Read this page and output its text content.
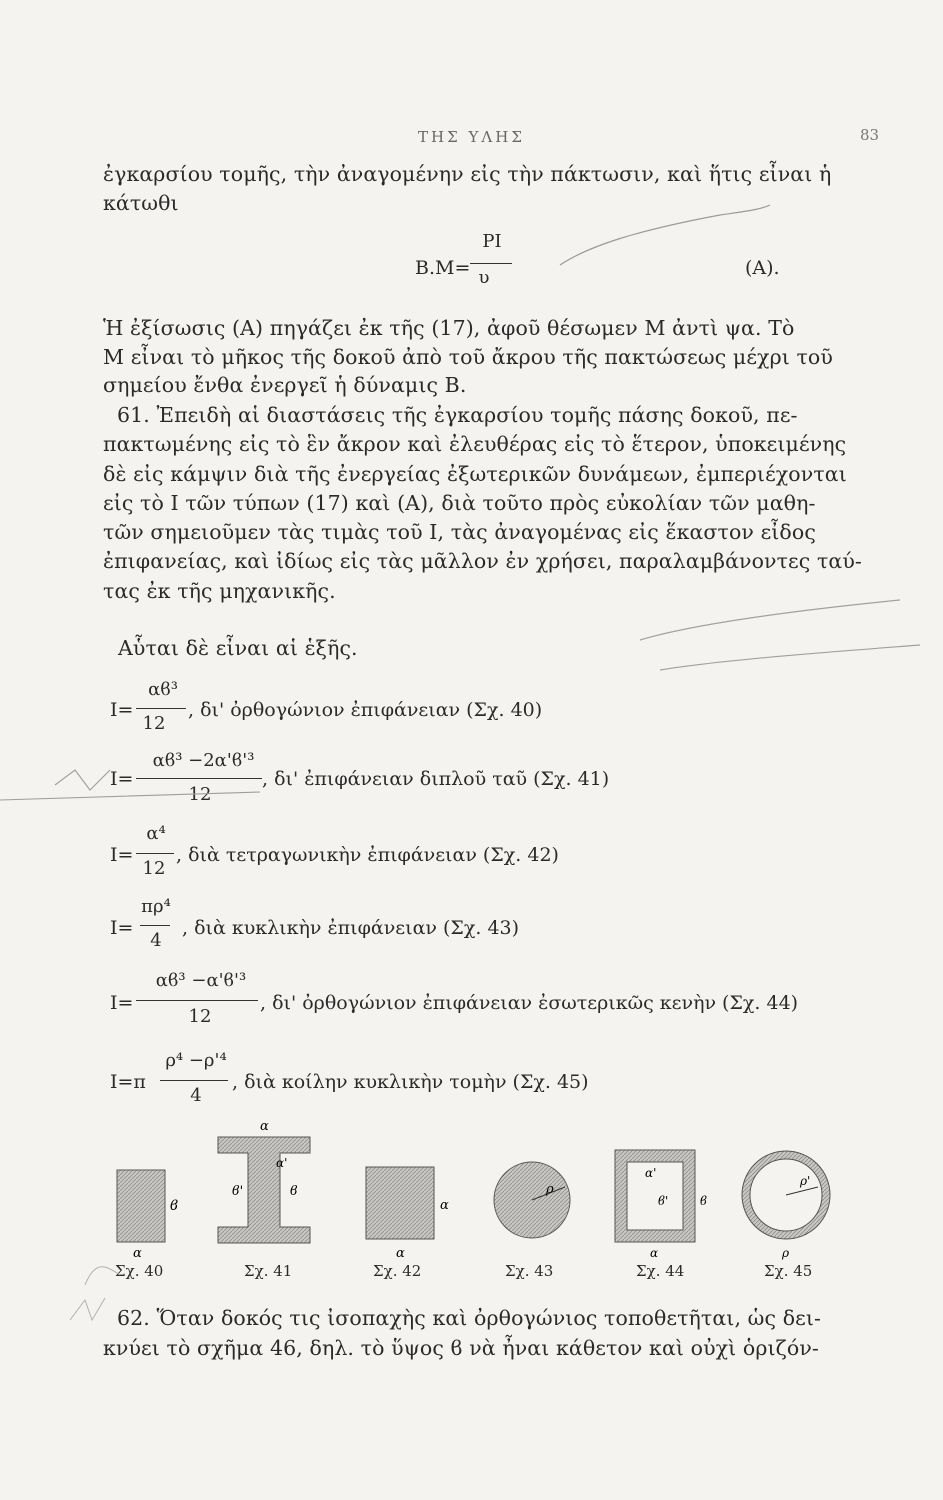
ΤΗΣ ΥΛΗΣ	83
ἐγκαρσίου τομῆς, τὴν ἀναγομένην εἰς τὴν πάκτωσιν, καὶ ἥτις εἶναι ἡ
κάτωθι
B.M=
PI
υ	(A).
Ἡ ἐξίσωσις (Α) πηγάζει ἐκ τῆς (17), ἀφοῦ θέσωμεν Μ ἀντὶ ψα. Τὸ
Μ εἶναι τὸ μῆκος τῆς δοκοῦ ἀπὸ τοῦ ἄκρου τῆς πακτώσεως μέχρι τοῦ
σημείου ἔνθα ἐνεργεῖ ἡ δύναμις Β.
61. Ἐπειδὴ αἱ διαστάσεις τῆς ἐγκαρσίου τομῆς πάσης δοκοῦ, πε-
πακτωμένης εἰς τὸ ἓν ἄκρον καὶ ἐλευθέρας εἰς τὸ ἕτερον, ὑποκειμένης
δὲ εἰς κάμψιν διὰ τῆς ἐνεργείας ἐξωτερικῶν δυνάμεων, ἐμπεριέχονται
εἰς τὸ Ι τῶν τύπων (17) καὶ (Α), διὰ τοῦτο πρὸς εὐκολίαν τῶν μαθη-
τῶν σημειοῦμεν τὰς τιμὰς τοῦ Ι, τὰς ἀναγομένας εἰς ἕκαστον εἶδος
ἐπιφανείας, καὶ ἰδίως εἰς τὰς μᾶλλον ἐν χρήσει, παραλαμβάνοντες ταύ-
τας ἐκ τῆς μηχανικῆς.
Αὗται δὲ εἶναι αἱ ἑξῆς.
I=
αϐ³
12
, δι' ὀρθογώνιον ἐπιφάνειαν (Σχ. 40)
I=
αϐ³ −2α'ϐ'³
12
, δι' ἐπιφάνειαν διπλοῦ ταῦ (Σχ. 41)
I=
α⁴
12
, διὰ τετραγωνικὴν ἐπιφάνειαν (Σχ. 42)
I=
πρ⁴
4
, διὰ κυκλικὴν ἐπιφάνειαν (Σχ. 43)
I=
αϐ³ −α'ϐ'³
12
, δι' ὀρθογώνιον ἐπιφάνειαν ἐσωτερικῶς κενὴν (Σχ. 44)
I=π
ρ⁴ −ρ'⁴
4
, διὰ κοίλην κυκλικὴν τομὴν (Σχ. 45)
ϐ
α
α
α'
ϐ'	ϐ
α
α
ρ
α'
ϐ'	ϐ
α
ρ'
ρ
Σχ. 40	Σχ. 41	Σχ. 42	Σχ. 43	Σχ. 44	Σχ. 45
62. Ὅταν δοκός τις ἰσοπαχὴς καὶ ὀρθογώνιος τοποθετῆται, ὡς δει-
κνύει τὸ σχῆμα 46, δηλ. τὸ ὕψος ϐ νὰ ἦναι κάθετον καὶ οὐχὶ ὁριζόν-
